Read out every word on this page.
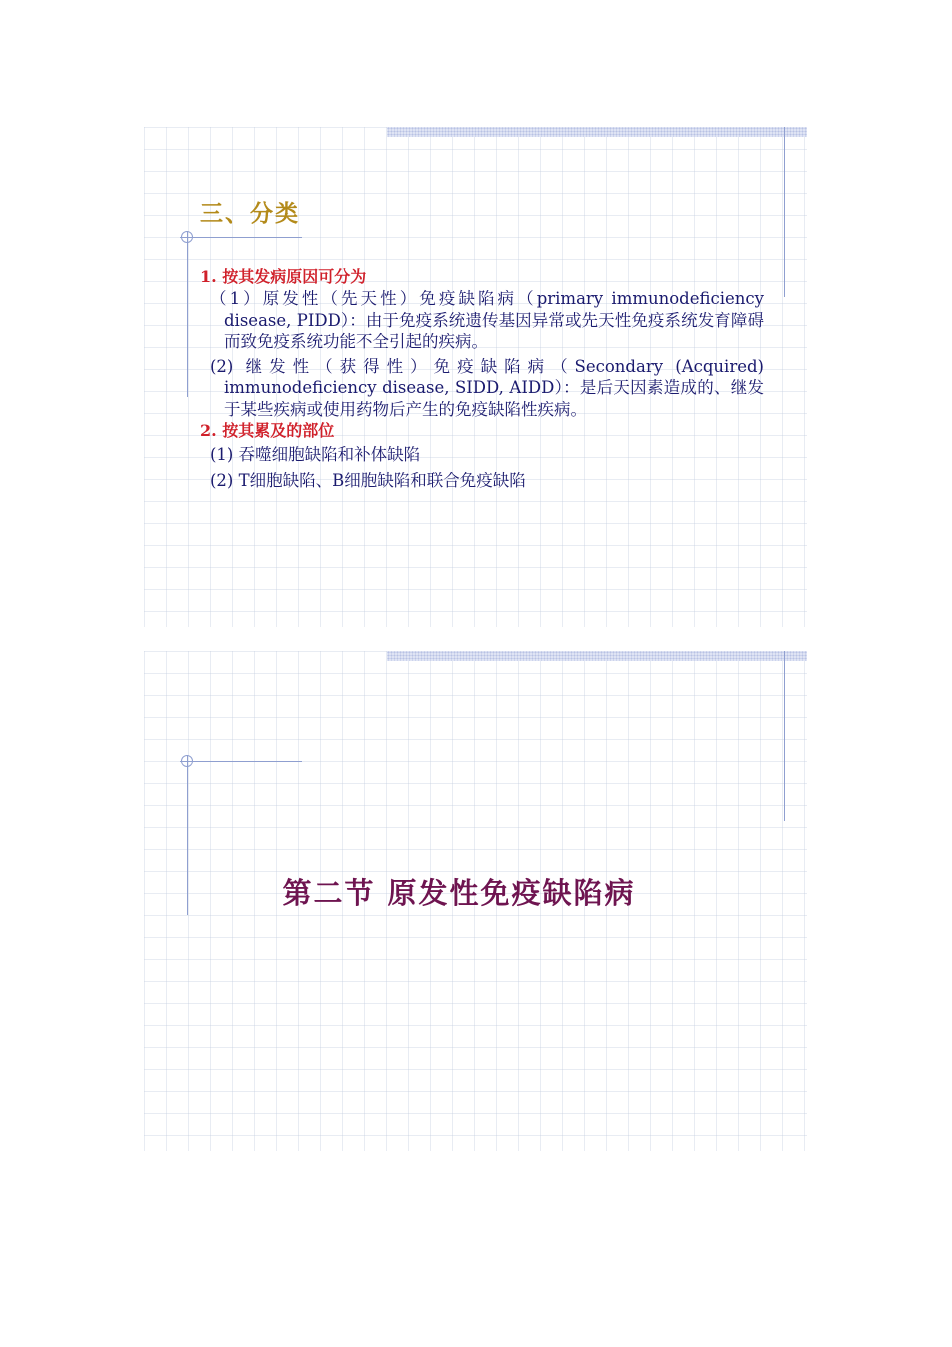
三、分类

1. 按其发病原因可分为

（1）原发性（先天性）免疫缺陷病（primary immunodeficiency disease, PIDD）：由于免疫系统遗传基因异常或先天性免疫系统发育障碍而致免疫系统功能不全引起的疾病。

(2) 继发性（获得性）免疫缺陷病（Secondary (Acquired) immunodeficiency disease, SIDD, AIDD）：是后天因素造成的、继发于某些疾病或使用药物后产生的免疫缺陷性疾病。

2. 按其累及的部位

(1) 吞噬细胞缺陷和补体缺陷

(2) T细胞缺陷、B细胞缺陷和联合免疫缺陷

第二节 原发性免疫缺陷病
